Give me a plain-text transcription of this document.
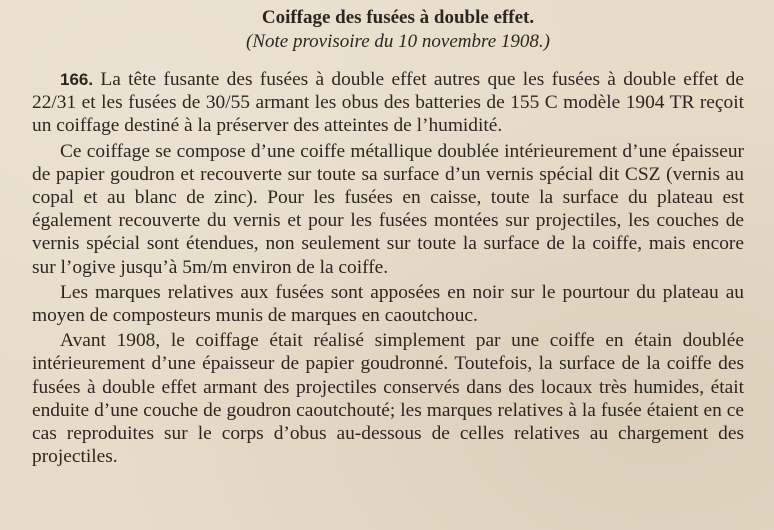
Coiffage des fusées à double effet.
(Note provisoire du 10 novembre 1908.)

166. La tête fusante des fusées à double effet autres que les fusées à double effet de 22/31 et les fusées de 30/55 armant les obus des batteries de 155 C modèle 1904 TR reçoit un coiffage destiné à la préserver des atteintes de l’humidité.

Ce coiffage se compose d’une coiffe métallique doublée intérieurement d’une épaisseur de papier goudron et recouverte sur toute sa surface d’un vernis spécial dit CSZ (vernis au copal et au blanc de zinc). Pour les fusées en caisse, toute la surface du plateau est également recouverte du vernis et pour les fusées montées sur projectiles, les couches de vernis spécial sont étendues, non seulement sur toute la surface de la coiffe, mais encore sur l’ogive jusqu’à 5m/m environ de la coiffe.

Les marques relatives aux fusées sont apposées en noir sur le pourtour du plateau au moyen de composteurs munis de marques en caoutchouc.

Avant 1908, le coiffage était réalisé simplement par une coiffe en étain doublée intérieurement d’une épaisseur de papier goudronné. Toutefois, la surface de la coiffe des fusées à double effet armant des projectiles conservés dans des locaux très humides, était enduite d’une couche de goudron caoutchouté; les marques relatives à la fusée étaient en ce cas reproduites sur le corps d’obus au-dessous de celles relatives au chargement des projectiles.
